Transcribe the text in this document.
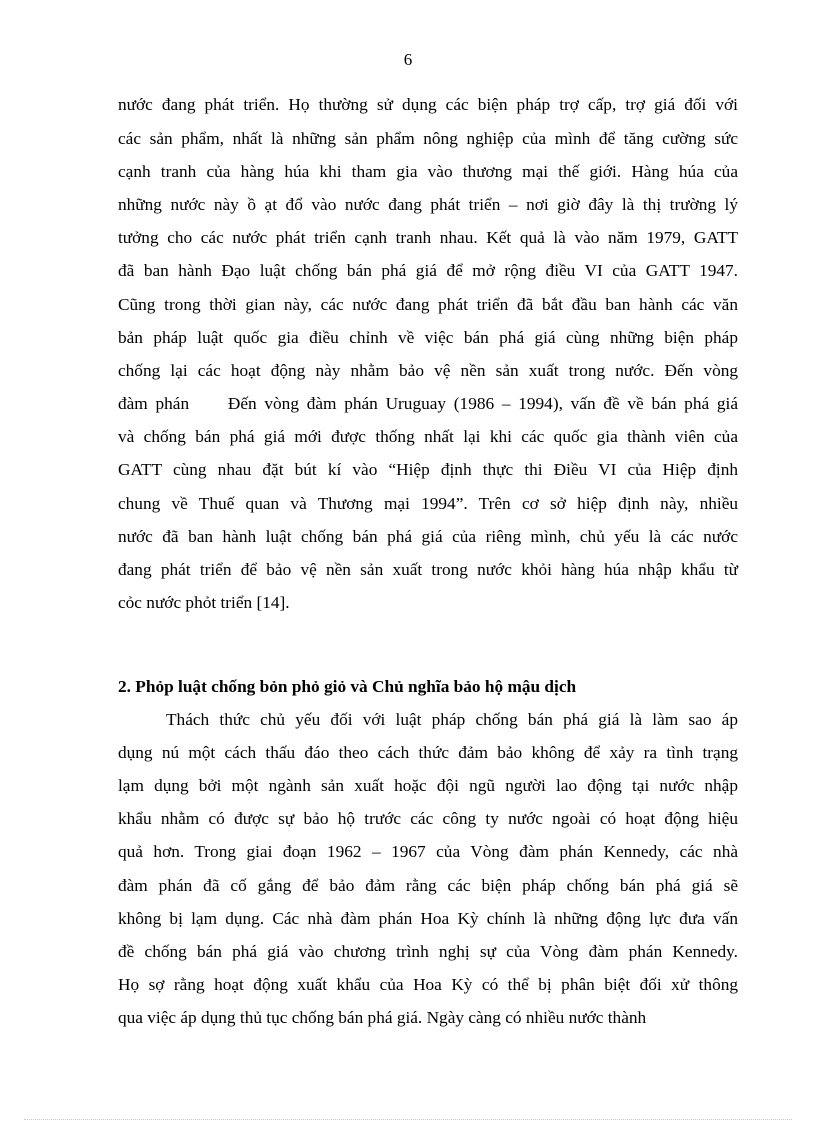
6
nước đang phát triển. Họ thường sử dụng các biện pháp trợ cấp, trợ giá đối với
các sản phẩm, nhất là những sản phẩm nông nghiệp của mình để tăng cường sức
cạnh tranh của hàng húa khi tham gia vào thương mại thế giới. Hàng húa của
những nước này ồ ạt đổ vào nước đang phát triển – nơi giờ đây là thị trường lý
tưởng cho các nước phát triển cạnh tranh nhau. Kết quả là vào năm 1979, GATT
đã ban hành Đạo luật chống bán phá giá để mở rộng điều VI của GATT 1947.
Cũng trong thời gian này, các nước đang phát triển đã bắt đầu ban hành các văn
bản pháp luật quốc gia điều chỉnh về việc bán phá giá cùng những biện pháp
chống lại các hoạt động này nhằm bảo vệ nền sản xuất trong nước. Đến vòng
đàm phán     Đến vòng đàm phán Uruguay (1986 – 1994), vấn đề về bán phá giá
và chống bán phá giá mới được thống nhất lại khi các quốc gia thành viên của
GATT cùng nhau đặt bút kí vào “Hiệp định thực thi Điều VI của Hiệp định
chung về Thuế quan và Thương mại 1994”. Trên cơ sở hiệp định này, nhiều
nước đã ban hành luật chống bán phá giá của riêng mình, chủ yếu là các nước
đang phát triển để bảo vệ nền sản xuất trong nước khỏi hàng húa nhập khẩu từ
cỏc nước phỏt triển [14].
2. Phỏp luật chống bỏn phỏ giỏ và Chủ nghĩa bảo hộ mậu dịch
Thách thức chủ yếu đối với luật pháp chống bán phá giá là làm sao áp
dụng nú một cách thấu đáo theo cách thức đảm bảo không để xảy ra tình trạng
lạm dụng bởi một ngành sản xuất hoặc đội ngũ người lao động tại nước nhập
khẩu nhằm có được sự bảo hộ trước các công ty nước ngoài có hoạt động hiệu
quả hơn. Trong giai đoạn 1962 – 1967 của Vòng đàm phán Kennedy, các nhà
đàm phán đã cố gắng để bảo đảm rằng các biện pháp chống bán phá giá sẽ
không bị lạm dụng. Các nhà đàm phán Hoa Kỳ chính là những động lực đưa vấn
đề chống bán phá giá vào chương trình nghị sự của Vòng đàm phán Kennedy.
Họ sợ rằng hoạt động xuất khẩu của Hoa Kỳ có thể bị phân biệt đối xử thông
qua việc áp dụng thủ tục chống bán phá giá. Ngày càng có nhiều nước thành
